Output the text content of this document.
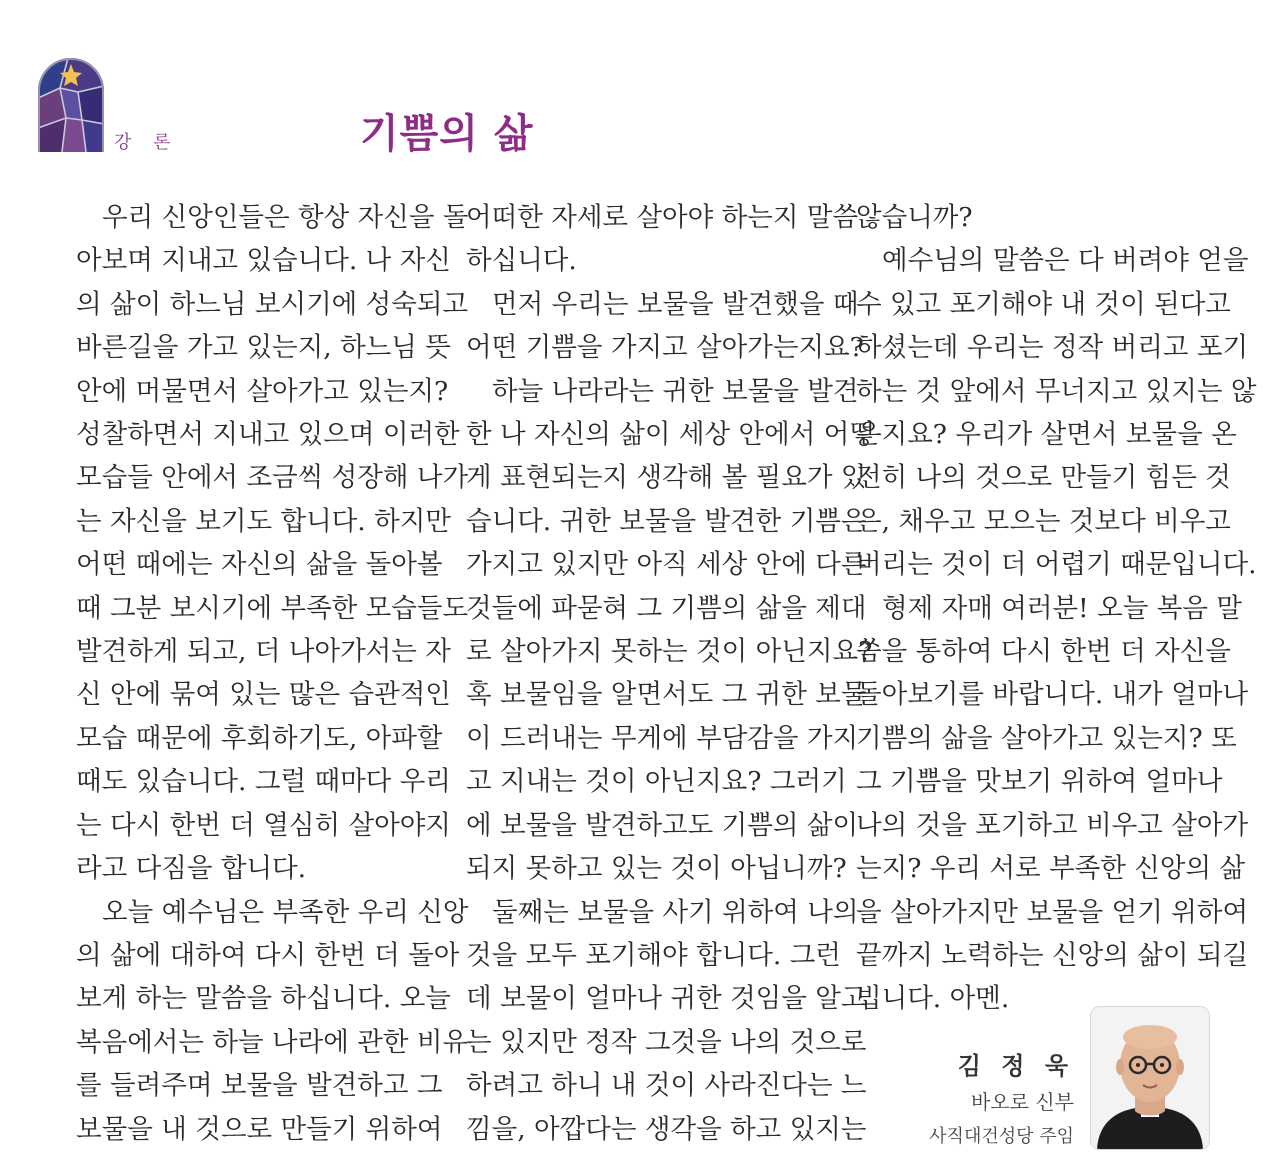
강 론	기쁨의 삶
우리 신앙인들은 항상 자신을 돌
아보며 지내고 있습니다. 나 자신
의 삶이 하느님 보시기에 성숙되고
바른길을 가고 있는지, 하느님 뜻
안에 머물면서 살아가고 있는지?
성찰하면서 지내고 있으며 이러한
모습들 안에서 조금씩 성장해 나가
는 자신을 보기도 합니다. 하지만
어떤 때에는 자신의 삶을 돌아볼
때 그분 보시기에 부족한 모습들도
발견하게 되고, 더 나아가서는 자
신 안에 묶여 있는 많은 습관적인
모습 때문에 후회하기도, 아파할
때도 있습니다. 그럴 때마다 우리
는 다시 한번 더 열심히 살아야지
라고 다짐을 합니다.
오늘 예수님은 부족한 우리 신앙
의 삶에 대하여 다시 한번 더 돌아
보게 하는 말씀을 하십니다. 오늘
복음에서는 하늘 나라에 관한 비유
를 들려주며 보물을 발견하고 그
보물을 내 것으로 만들기 위하여
어떠한 자세로 살아야 하는지 말씀
하십니다.
먼저 우리는 보물을 발견했을 때
어떤 기쁨을 가지고 살아가는지요?
하늘 나라라는 귀한 보물을 발견
한 나 자신의 삶이 세상 안에서 어떻
게 표현되는지 생각해 볼 필요가 있
습니다. 귀한 보물을 발견한 기쁨은
가지고 있지만 아직 세상 안에 다른
것들에 파묻혀 그 기쁨의 삶을 제대
로 살아가지 못하는 것이 아닌지요?
혹 보물임을 알면서도 그 귀한 보물
이 드러내는 무게에 부담감을 가지
고 지내는 것이 아닌지요? 그러기
에 보물을 발견하고도 기쁨의 삶이
되지 못하고 있는 것이 아닙니까?
둘째는 보물을 사기 위하여 나의
것을 모두 포기해야 합니다. 그런
데 보물이 얼마나 귀한 것임을 알고
는 있지만 정작 그것을 나의 것으로
하려고 하니 내 것이 사라진다는 느
낌을, 아깝다는 생각을 하고 있지는
않습니까?
예수님의 말씀은 다 버려야 얻을
수 있고 포기해야 내 것이 된다고
하셨는데 우리는 정작 버리고 포기
하는 것 앞에서 무너지고 있지는 않
은지요? 우리가 살면서 보물을 온
전히 나의 것으로 만들기 힘든 것
은, 채우고 모으는 것보다 비우고
버리는 것이 더 어렵기 때문입니다.
형제 자매 여러분! 오늘 복음 말
씀을 통하여 다시 한번 더 자신을
돌아보기를 바랍니다. 내가 얼마나
기쁨의 삶을 살아가고 있는지? 또
그 기쁨을 맛보기 위하여 얼마나
나의 것을 포기하고 비우고 살아가
는지? 우리 서로 부족한 신앙의 삶
을 살아가지만 보물을 얻기 위하여
끝까지 노력하는 신앙의 삶이 되길
빕니다. 아멘.
김 정 욱
바오로 신부
사직대건성당 주임
